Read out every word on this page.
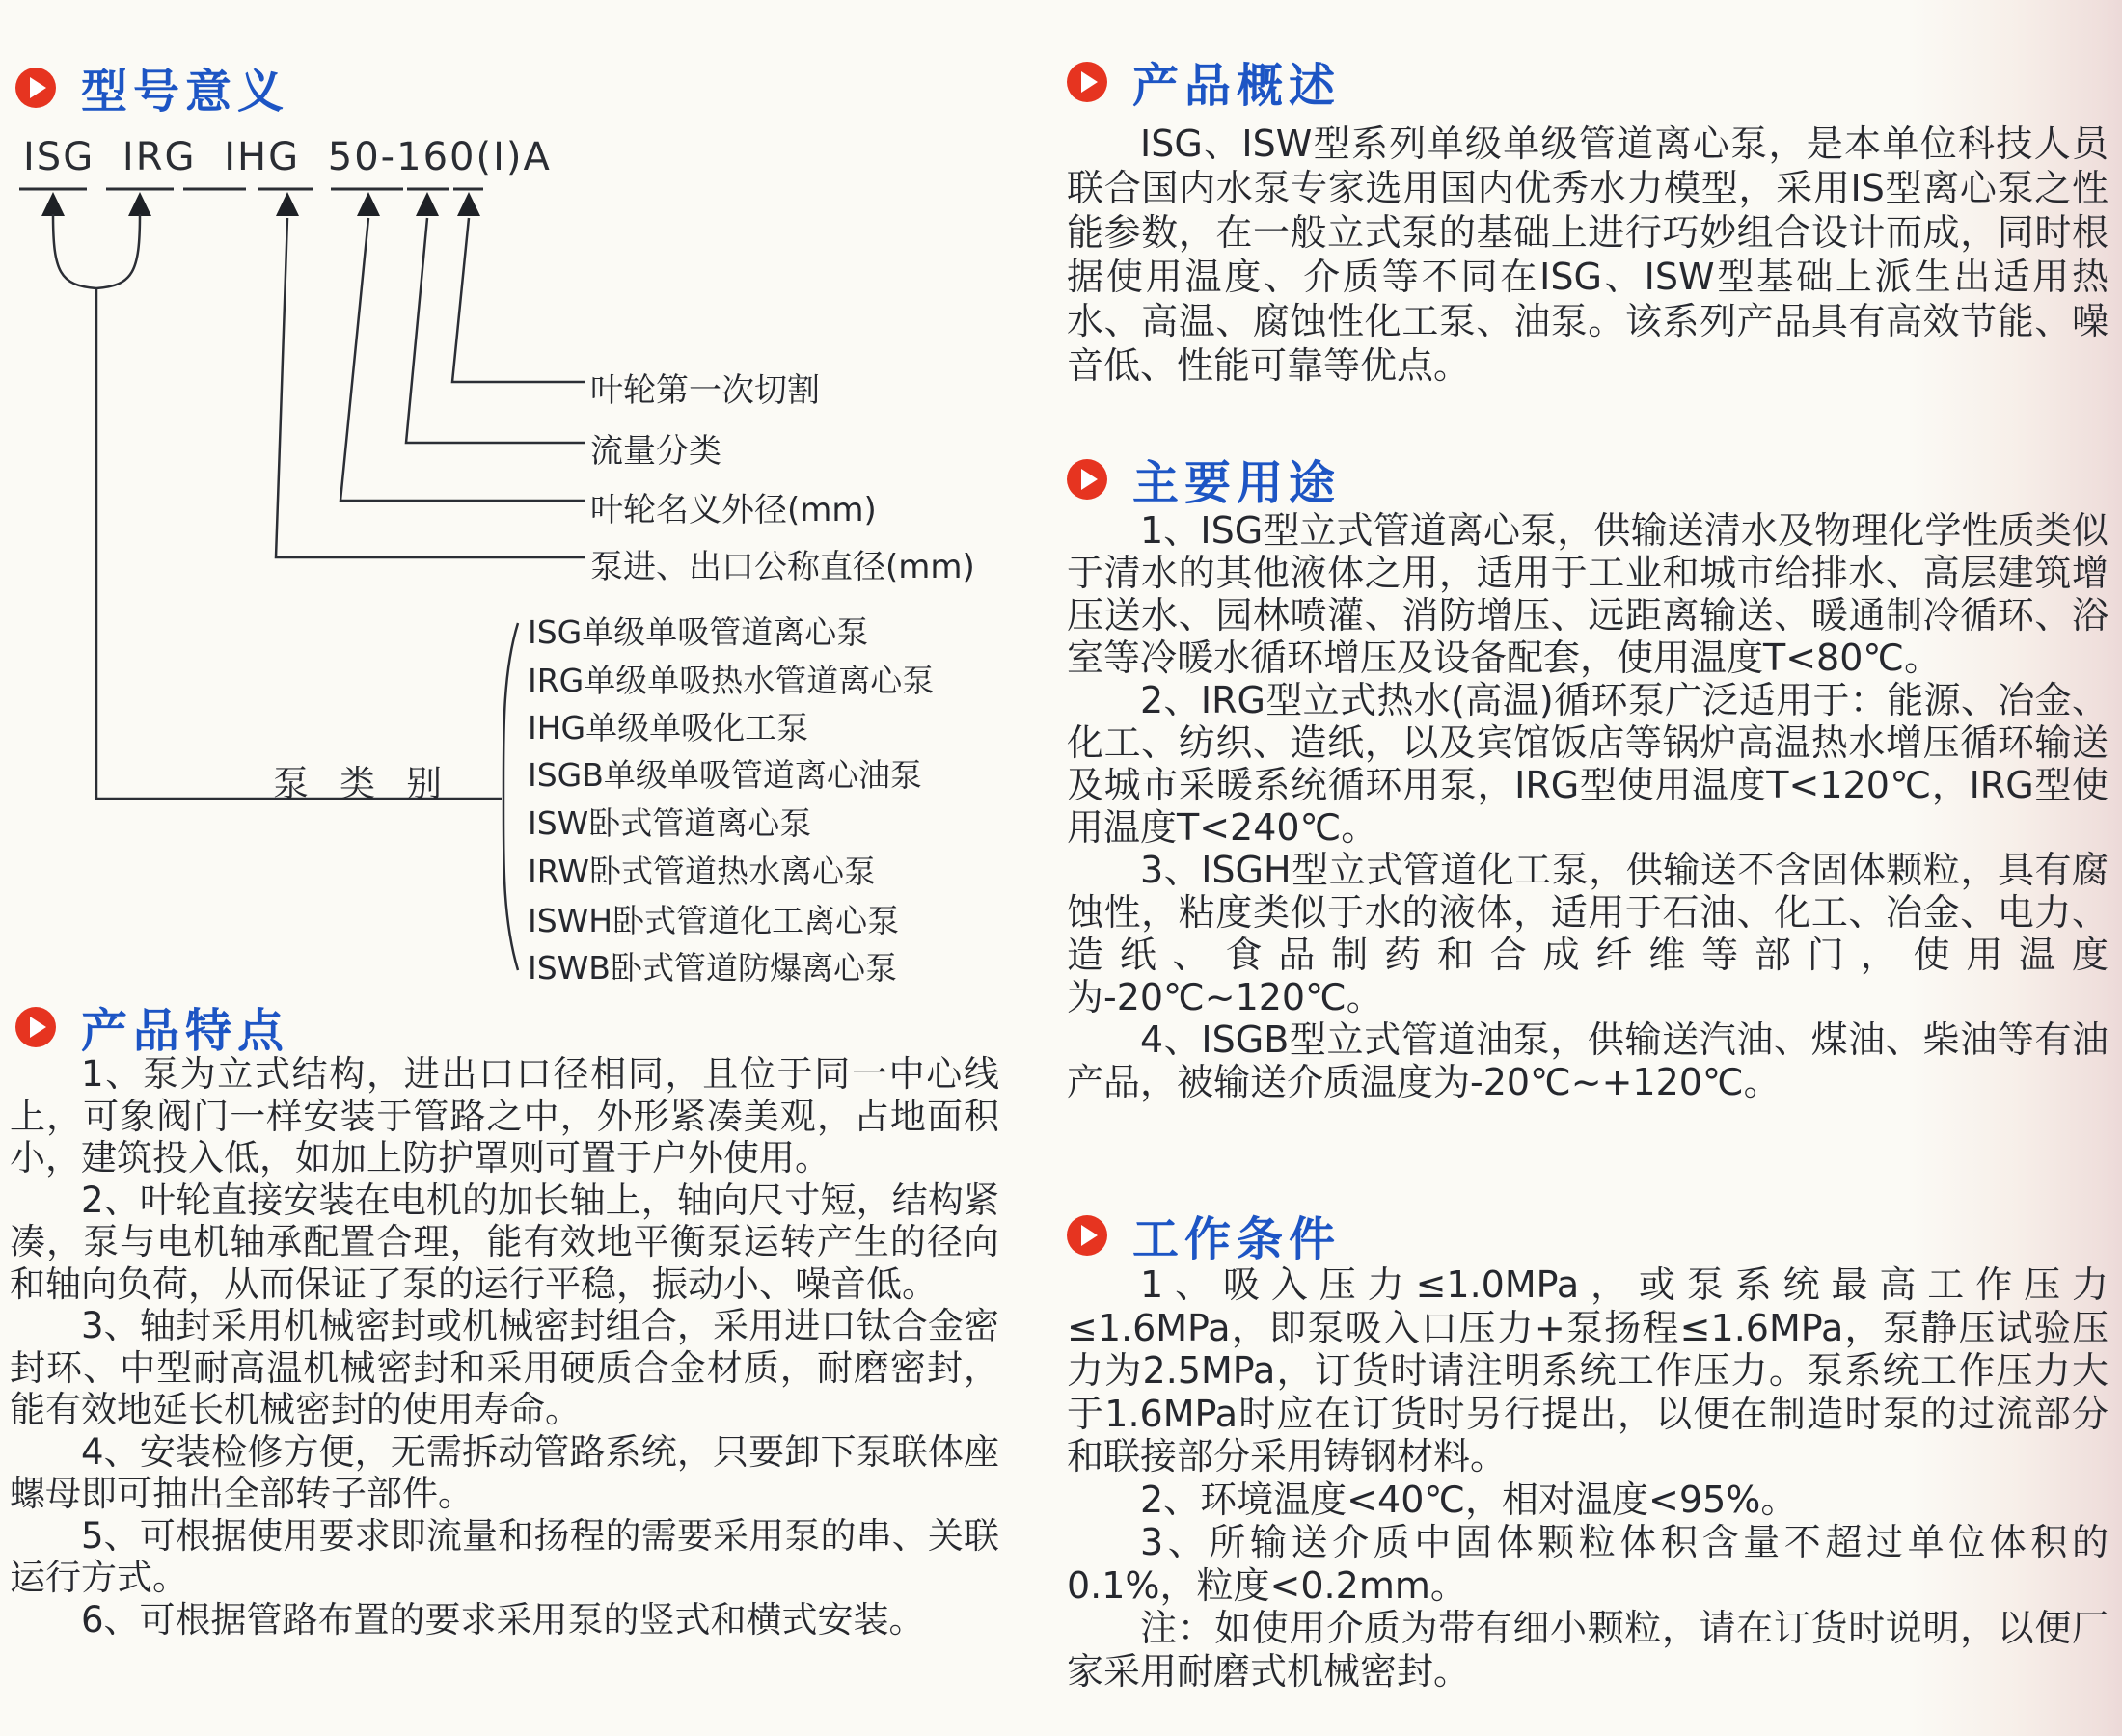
型号意义
ISG IRG IHG 50-160(I)A
叶轮第一次切割
流量分类
叶轮名义外径(mm)
泵进、出口公称直径(mm)
泵类别
ISG单级单吸管道离心泵
IRG单级单吸热水管道离心泵
IHG单级单吸化工泵
ISGB单级单吸管道离心油泵
ISW卧式管道离心泵
IRW卧式管道热水离心泵
ISWH卧式管道化工离心泵
ISWB卧式管道防爆离心泵
产品特点

1、泵为立式结构，进出口口径相同，且位于同一中心线上，可象阀门一样安装于管路之中，外形紧凑美观，占地面积小，建筑投入低，如加上防护罩则可置于户外使用。

2、叶轮直接安装在电机的加长轴上，轴向尺寸短，结构紧凑，泵与电机轴承配置合理，能有效地平衡泵运转产生的径向和轴向负荷，从而保证了泵的运行平稳，振动小、噪音低。

3、轴封采用机械密封或机械密封组合，采用进口钛合金密封环、中型耐高温机械密封和采用硬质合金材质，耐磨密封，能有效地延长机械密封的使用寿命。

4、安装检修方便，无需拆动管路系统，只要卸下泵联体座螺母即可抽出全部转子部件。

5、可根据使用要求即流量和扬程的需要采用泵的串、关联运行方式。

6、可根据管路布置的要求采用泵的竖式和横式安装。

产品概述

ISG、ISW型系列单级单级管道离心泵，是本单位科技人员联合国内水泵专家选用国内优秀水力模型，采用IS型离心泵之性能参数，在一般立式泵的基础上进行巧妙组合设计而成，同时根据使用温度、介质等不同在ISG、ISW型基础上派生出适用热水、高温、腐蚀性化工泵、油泵。该系列产品具有高效节能、噪音低、性能可靠等优点。

主要用途

1、ISG型立式管道离心泵，供输送清水及物理化学性质类似于清水的其他液体之用，适用于工业和城市给排水、高层建筑增压送水、园林喷灌、消防增压、远距离输送、暖通制冷循环、浴室等冷暖水循环增压及设备配套，使用温度T<80℃。

2、IRG型立式热水(高温)循环泵广泛适用于：能源、冶金、化工、纺织、造纸，以及宾馆饭店等锅炉高温热水增压循环输送及城市采暖系统循环用泵，IRG型使用温度T<120℃，IRG型使用温度T<240℃。

3、ISGH型立式管道化工泵，供输送不含固体颗粒，具有腐蚀性，粘度类似于水的液体，适用于石油、化工、冶金、电力、造纸、食品制药和合成纤维等部门，使用温度为-20℃~120℃。

4、ISGB型立式管道油泵，供输送汽油、煤油、柴油等有油产品，被输送介质温度为-20℃~+120℃。

工作条件

1、吸入压力≤1.0MPa，或泵系统最高工作压力≤1.6MPa，即泵吸入口压力+泵扬程≤1.6MPa，泵静压试验压力为2.5MPa，订货时请注明系统工作压力。泵系统工作压力大于1.6MPa时应在订货时另行提出，以便在制造时泵的过流部分和联接部分采用铸钢材料。

2、环境温度<40℃，相对温度<95%。

3、所输送介质中固体颗粒体积含量不超过单位体积的0.1%，粒度<0.2mm。

注：如使用介质为带有细小颗粒，请在订货时说明，以便厂家采用耐磨式机械密封。
